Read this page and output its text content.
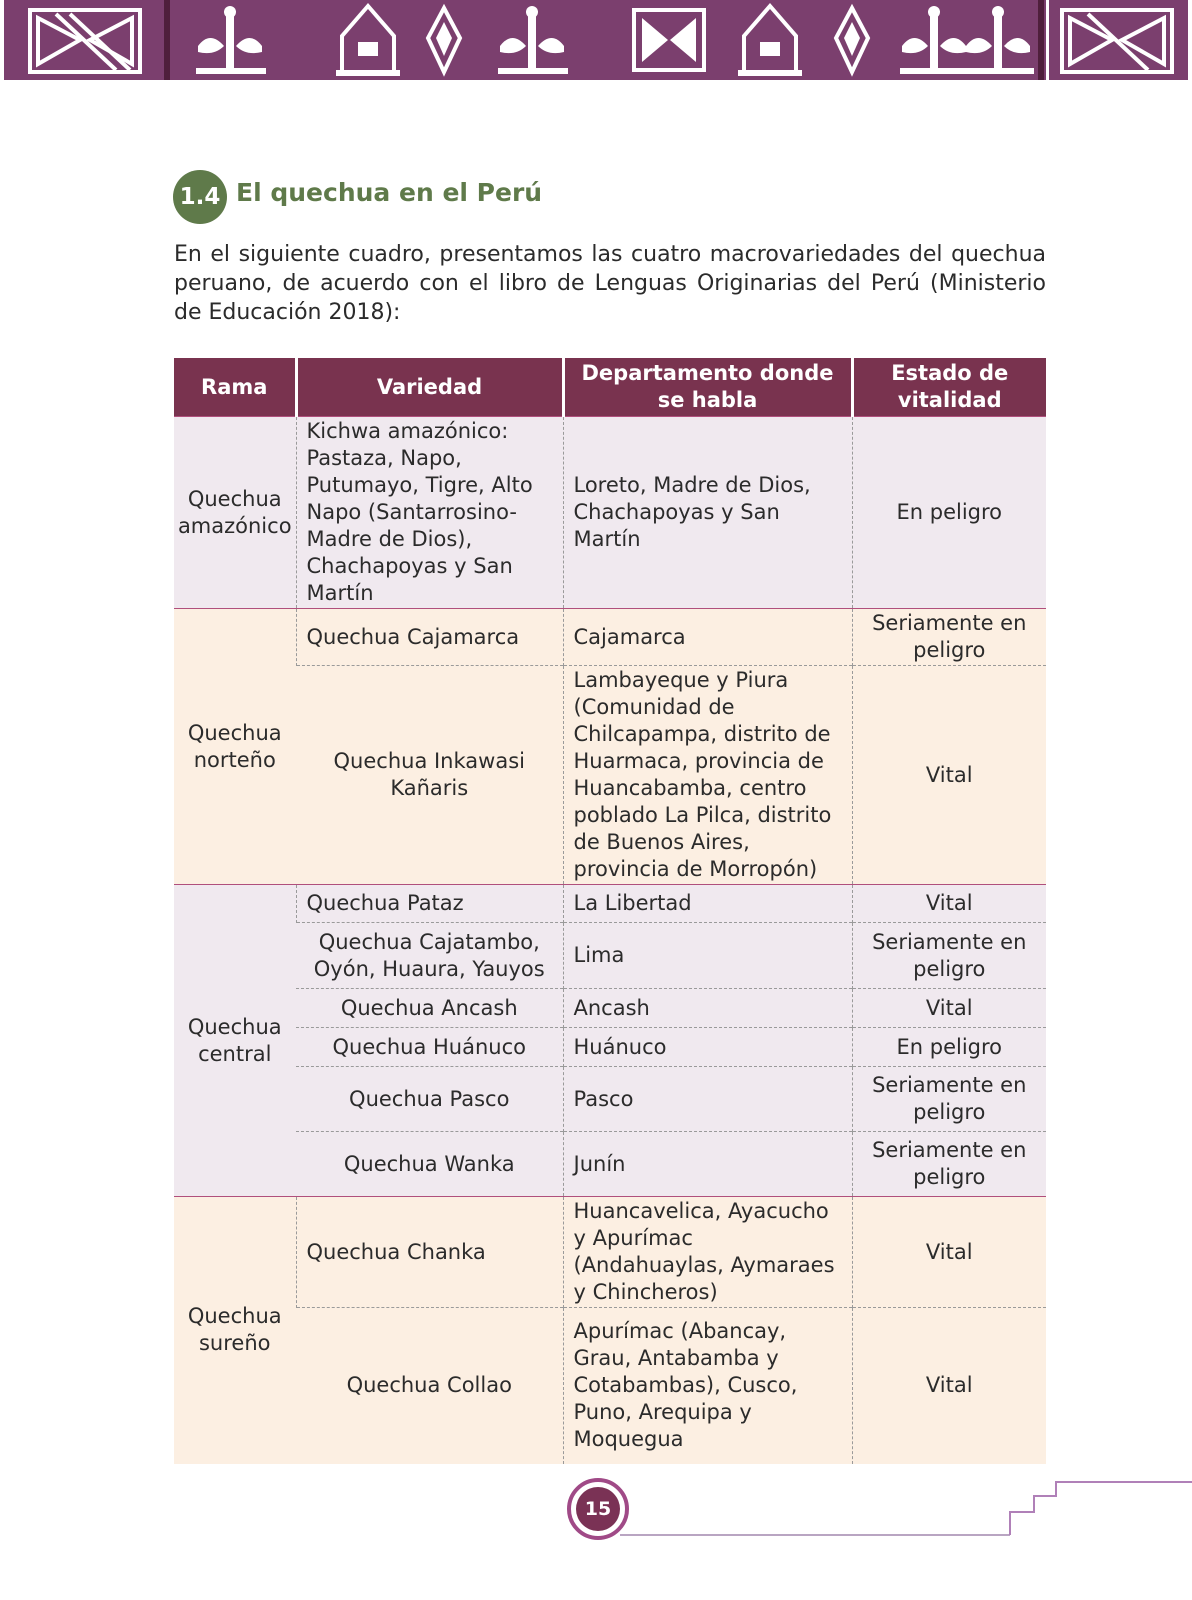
1.4 El quechua en el Perú

En el siguiente cuadro, presentamos las cuatro macrovariedades del quechua peruano, de acuerdo con el libro de Lenguas Originarias del Perú (Ministerio de Educación 2018):

Rama	Variedad	Departamento donde se habla	Estado de vitalidad
Quechua amazónico	Kichwa amazónico: Pastaza, Napo, Putumayo, Tigre, Alto Napo (Santarrosino-Madre de Dios), Chachapoyas y San Martín	Loreto, Madre de Dios, Chachapoyas y San Martín	En peligro
Quechua norteño	Quechua Cajamarca	Cajamarca	Seriamente en peligro
	Quechua Inkawasi Kañaris	Lambayeque y Piura (Comunidad de Chilcapampa, distrito de Huarmaca, provincia de Huancabamba, centro poblado La Pilca, distrito de Buenos Aires, provincia de Morropón)	Vital
Quechua central	Quechua Pataz	La Libertad	Vital
	Quechua Cajatambo, Oyón, Huaura, Yauyos	Lima	Seriamente en peligro
	Quechua Ancash	Ancash	Vital
	Quechua Huánuco	Huánuco	En peligro
	Quechua Pasco	Pasco	Seriamente en peligro
	Quechua Wanka	Junín	Seriamente en peligro
Quechua sureño	Quechua Chanka	Huancavelica, Ayacucho y Apurímac (Andahuaylas, Aymaraes y Chincheros)	Vital
	Quechua Collao	Apurímac (Abancay, Grau, Antabamba y Cotabambas), Cusco, Puno, Arequipa y Moquegua	Vital
15
